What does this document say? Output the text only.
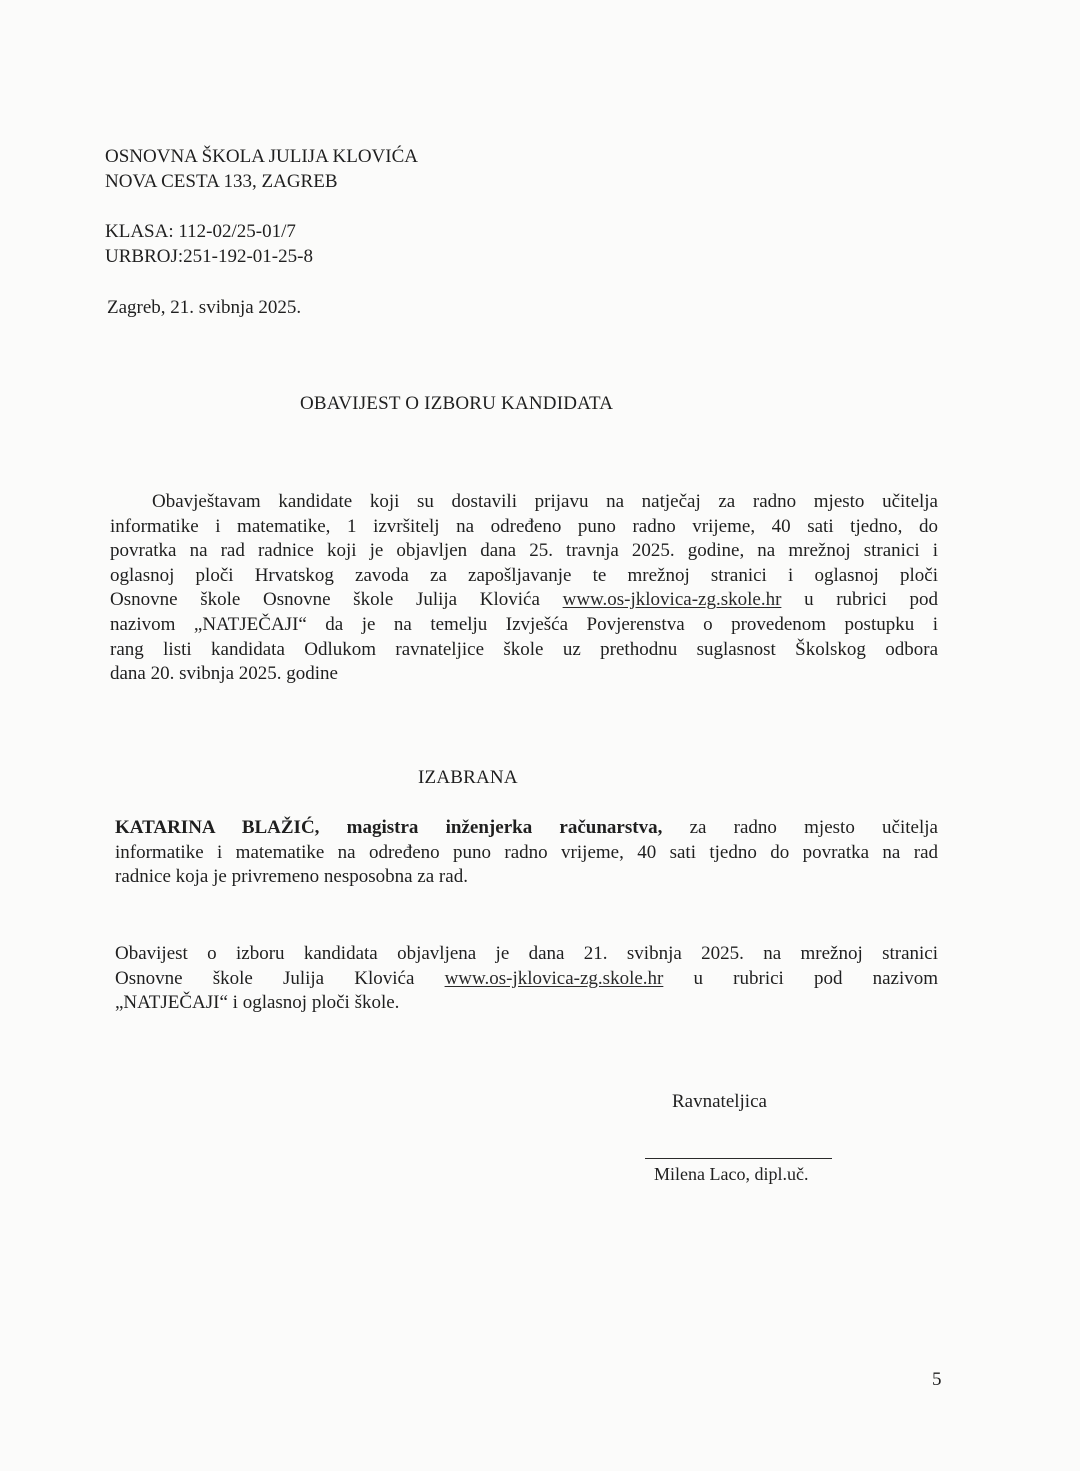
OSNOVNA ŠKOLA JULIJA KLOVIĆA
NOVA CESTA 133, ZAGREB
KLASA: 112-02/25-01/7
URBROJ:251-192-01-25-8
Zagreb, 21. svibnja 2025.
OBAVIJEST O IZBORU KANDIDATA
Obavještavam kandidate koji su dostavili prijavu na natječaj za radno mjesto učitelja
informatike i matematike, 1 izvršitelj na određeno puno radno vrijeme, 40 sati tjedno, do
povratka na rad radnice koji je objavljen dana 25. travnja 2025. godine, na mrežnoj stranici i
oglasnoj ploči Hrvatskog zavoda za zapošljavanje te mrežnoj stranici i oglasnoj ploči
Osnovne škole Osnovne škole Julija Klovića www.os-jklovica-zg.skole.hr u rubrici pod
nazivom „NATJEČAJI“ da je na temelju Izvješća Povjerenstva o provedenom postupku i
rang listi kandidata Odlukom ravnateljice škole uz prethodnu suglasnost Školskog odbora
dana 20. svibnja 2025. godine
IZABRANA
KATARINA BLAŽIĆ, magistra inženjerka računarstva, za radno mjesto učitelja
informatike i matematike na određeno puno radno vrijeme, 40 sati tjedno do povratka na rad
radnice koja je privremeno nesposobna za rad.
Obavijest o izboru kandidata objavljena je dana 21. svibnja 2025. na mrežnoj stranici
Osnovne škole Julija Klovića www.os-jklovica-zg.skole.hr u rubrici pod nazivom
„NATJEČAJI“ i oglasnoj ploči škole.
Ravnateljica
Milena Laco, dipl.uč.
5
